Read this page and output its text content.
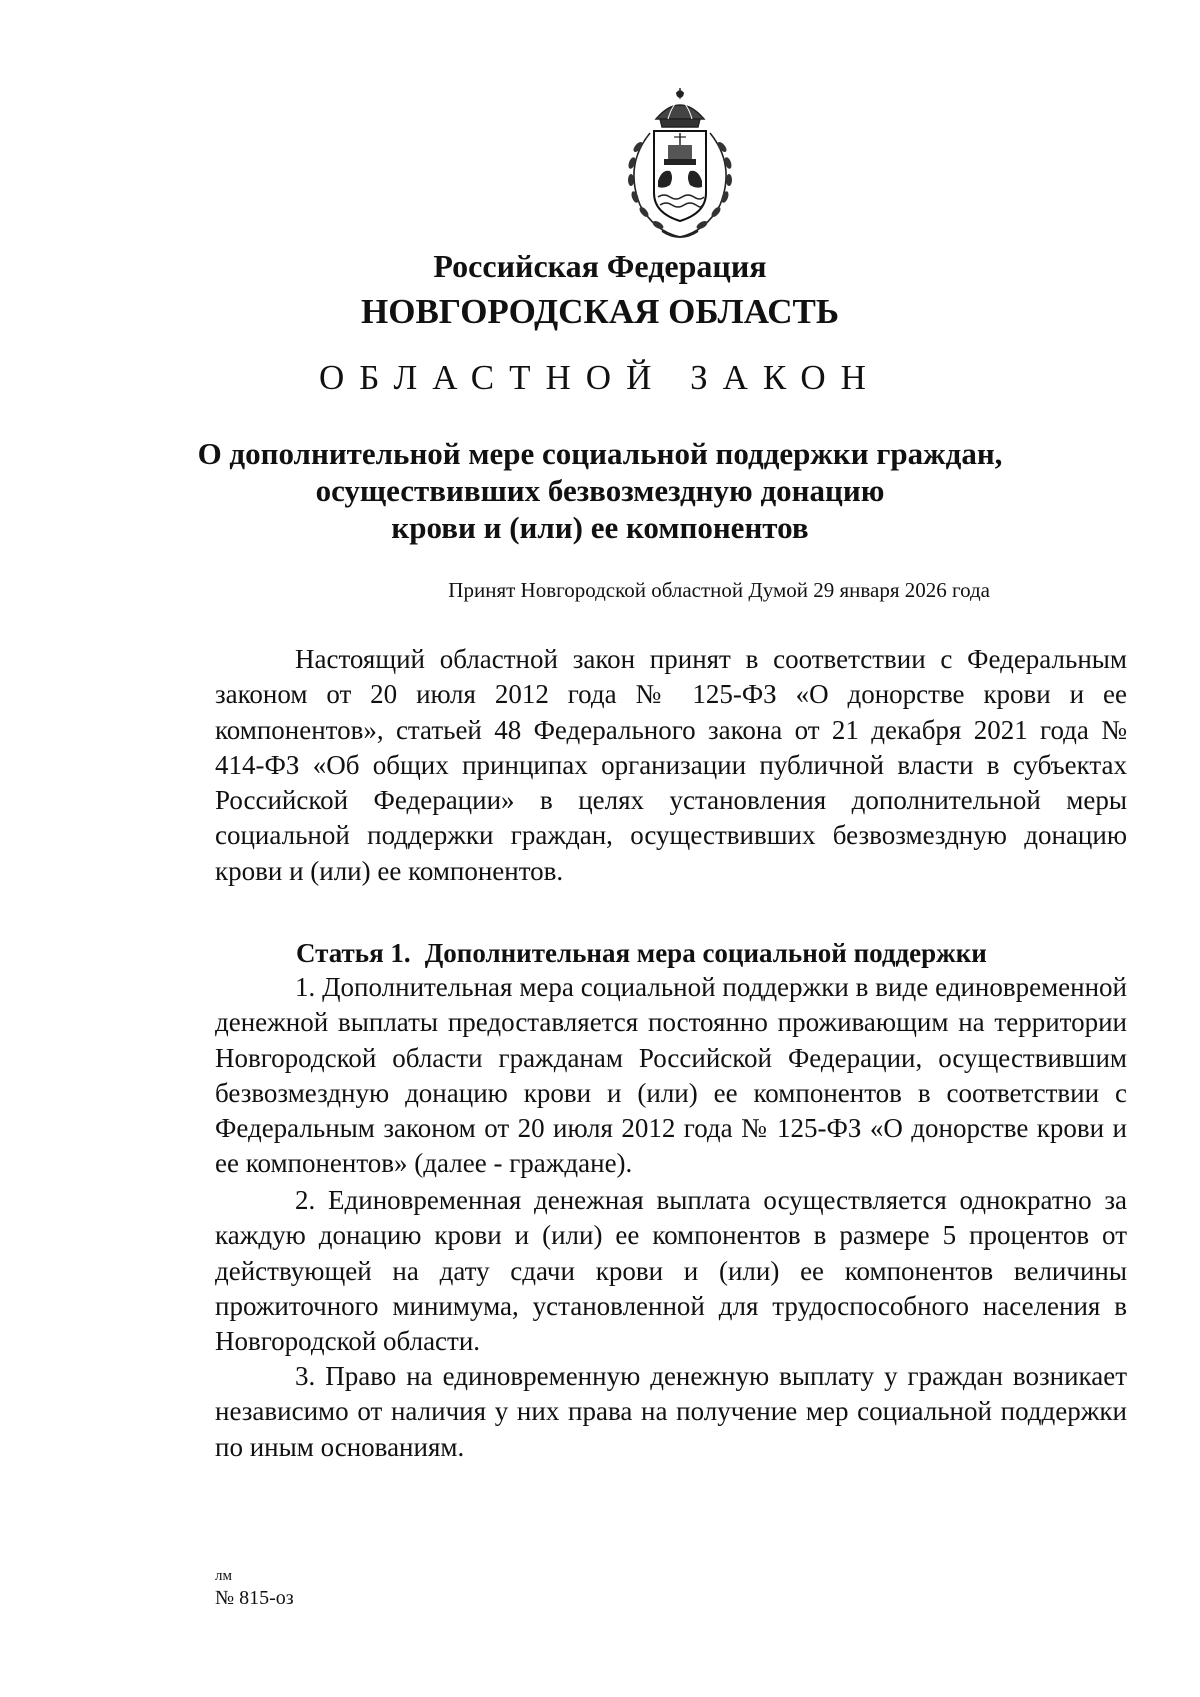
Российская Федерация
НОВГОРОДСКАЯ ОБЛАСТЬ
ОБЛАСТНОЙ ЗАКОН
О дополнительной мере социальной поддержки граждан,
осуществивших безвозмездную донацию
крови и (или) ее компонентов
Принят Новгородской областной Думой 29 января 2026 года

Настоящий областной закон принят в соответствии с Федеральным законом от 20 июля 2012 года № 125-ФЗ «О донорстве крови и ее компонентов», статьей 48 Федерального закона от 21 декабря 2021 года № 414-ФЗ «Об общих принципах организации публичной власти в субъектах Российской Федерации» в целях установления дополнительной меры социальной поддержки граждан, осуществивших безвозмездную донацию крови и (или) ее компонентов.

Статья 1. Дополнительная мера социальной поддержки

1. Дополнительная мера социальной поддержки в виде единовременной денежной выплаты предоставляется постоянно проживающим на территории Новгородской области гражданам Российской Федерации, осуществившим безвозмездную донацию крови и (или) ее компонентов в соответствии с Федеральным законом от 20 июля 2012 года № 125-ФЗ «О донорстве крови и ее компонентов» (далее - граждане).

2. Единовременная денежная выплата осуществляется однократно за каждую донацию крови и (или) ее компонентов в размере 5 процентов от действующей на дату сдачи крови и (или) ее компонентов величины прожиточного минимума, установленной для трудоспособного населения в Новгородской области.

3. Право на единовременную денежную выплату у граждан возникает независимо от наличия у них права на получение мер социальной поддержки по иным основаниям.

лм
№ 815-оз
